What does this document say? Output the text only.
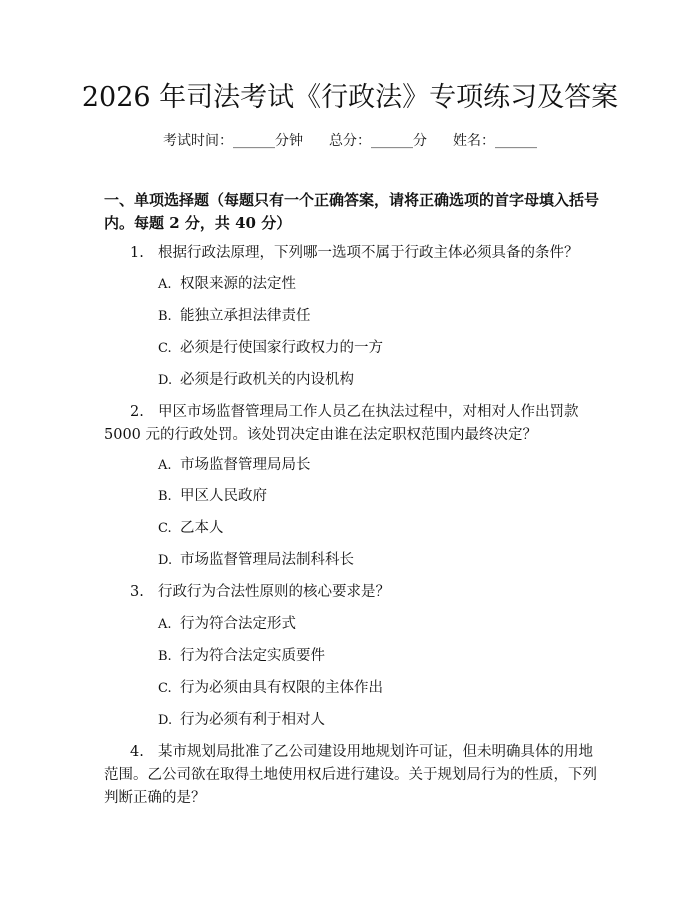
2026 年司法考试《行政法》专项练习及答案
考试时间：______分钟 总分：______分 姓名：______

一、单项选择题（每题只有一个正确答案，请将正确选项的首字母填入括号内。每题 2 分，共 40 分）

1. 根据行政法原理，下列哪一选项不属于行政主体必须具备的条件？

A. 权限来源的法定性

B. 能独立承担法律责任

C. 必须是行使国家行政权力的一方

D. 必须是行政机关的内设机构

2. 甲区市场监督管理局工作人员乙在执法过程中，对相对人作出罚款 5000 元的行政处罚。该处罚决定由谁在法定职权范围内最终决定？

A. 市场监督管理局局长

B. 甲区人民政府

C. 乙本人

D. 市场监督管理局法制科科长

3. 行政行为合法性原则的核心要求是？

A. 行为符合法定形式

B. 行为符合法定实质要件

C. 行为必须由具有权限的主体作出

D. 行为必须有利于相对人

4. 某市规划局批准了乙公司建设用地规划许可证，但未明确具体的用地范围。乙公司欲在取得土地使用权后进行建设。关于规划局行为的性质，下列判断正确的是？
